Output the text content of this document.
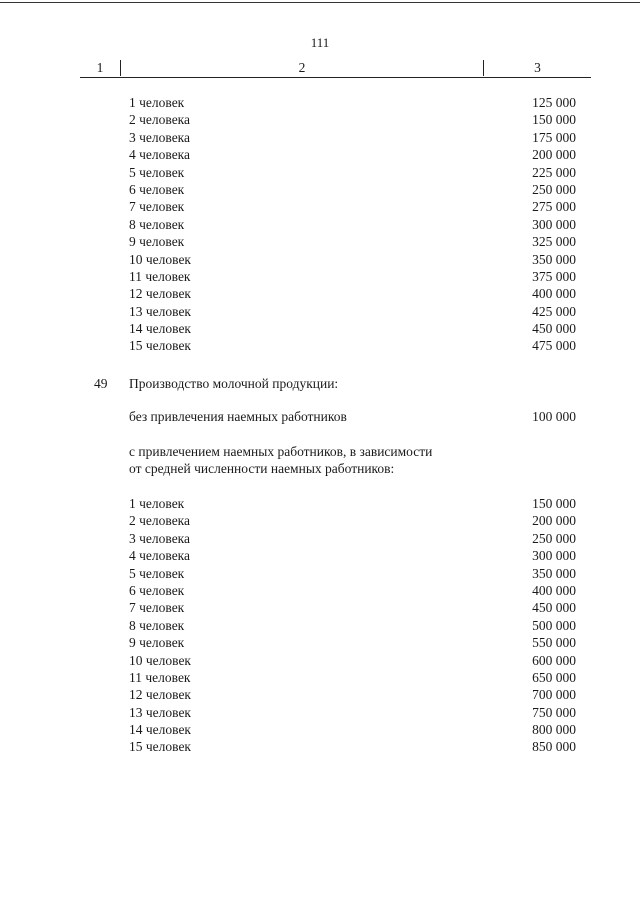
111
1	2	3
1 человек	125 000
2 человека	150 000
3 человека	175 000
4 человека	200 000
5 человек	225 000
6 человек	250 000
7 человек	275 000
8 человек	300 000
9 человек	325 000
10 человек	350 000
11 человек	375 000
12 человек	400 000
13 человек	425 000
14 человек	450 000
15 человек	475 000
49 Производство молочной продукции:
без привлечения наемных работников	100 000
с привлечением наемных работников, в зависимости
от средней численности наемных работников:
1 человек	150 000
2 человека	200 000
3 человека	250 000
4 человека	300 000
5 человек	350 000
6 человек	400 000
7 человек	450 000
8 человек	500 000
9 человек	550 000
10 человек	600 000
11 человек	650 000
12 человек	700 000
13 человек	750 000
14 человек	800 000
15 человек	850 000
